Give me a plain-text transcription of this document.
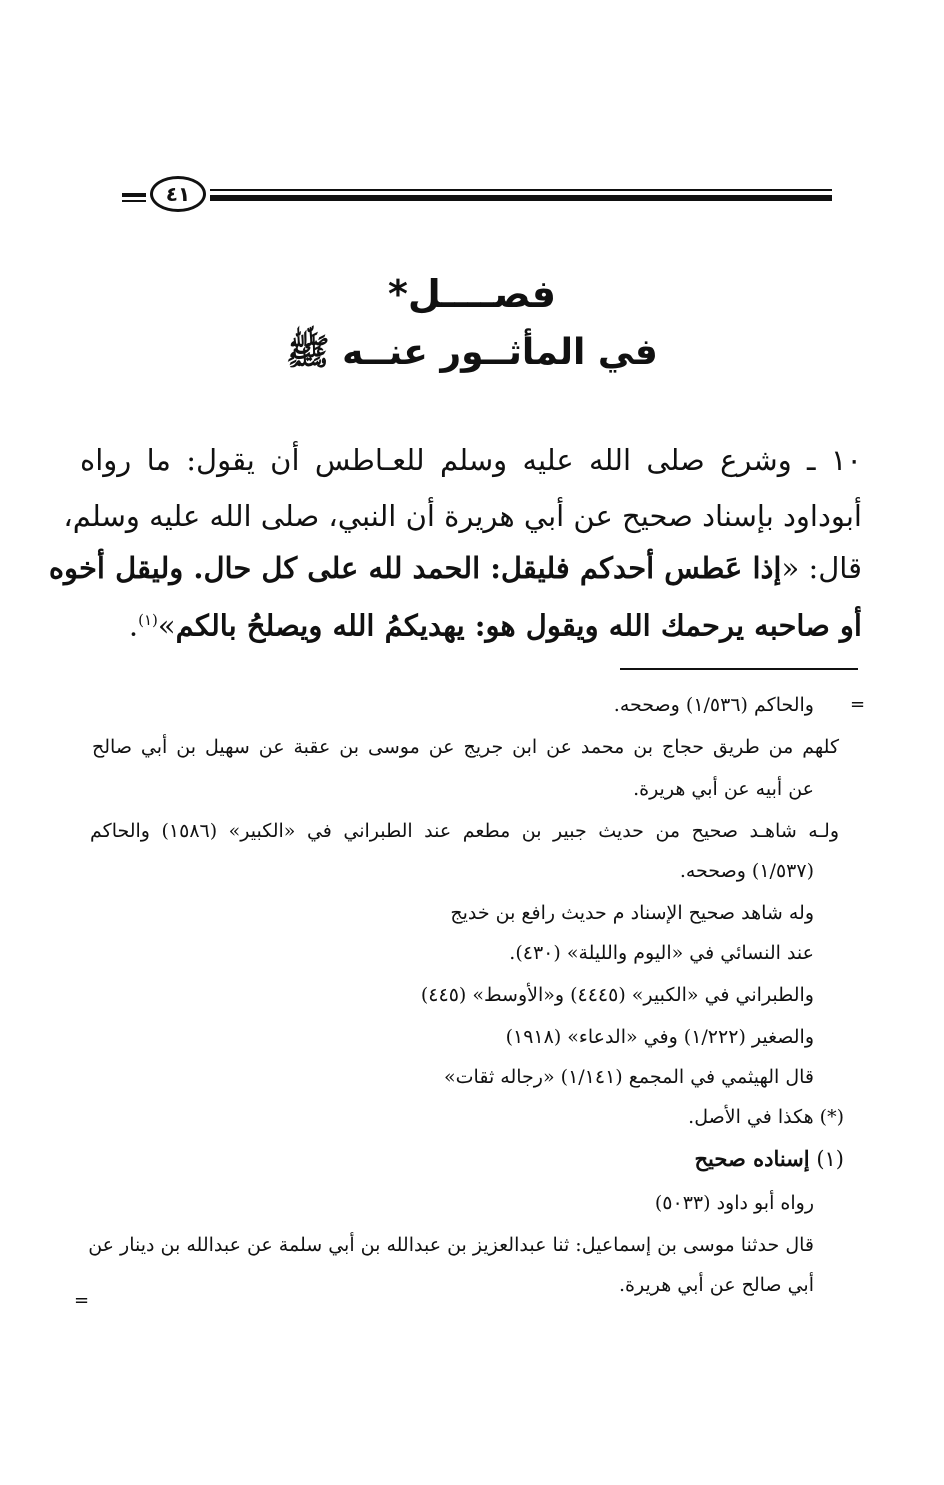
٤١
فصــــل*
في المأثــور عنــه ﷺ
١٠ ـ وشرع صلى الله عليه وسلم للعـاطس أن يقول: ما رواه
أبوداود بإسناد صحيح عن أبي هريرة أن النبي، صلى الله عليه وسلم،
قال: «إذا عَطس أحدكم فليقل: الحمد لله على كل حال. وليقل أخوه
أو صاحبه يرحمك الله ويقول هو: يهديكمُ الله ويصلحُ بالكم»$^{(١)}$.
=
والحاكم (١/٥٣٦) وصححه.
كلهم من طريق حجاج بن محمد عن ابن جريج عن موسى بن عقبة عن سهيل بن أبي صالح
عن أبيه عن أبي هريرة.
ولـه شاهـد صحيح من حديث جبير بن مطعم عند الطبراني في «الكبير» (١٥٨٦) والحاكم
(١/٥٣٧) وصححه.
وله شاهد صحيح الإسناد م حديث رافع بن خديج
عند النسائي في «اليوم والليلة» (٤٣٠).
والطبراني في «الكبير» (٤٤٤٥) و«الأوسط» (٤٤٥)
والصغير (١/٢٢٢) وفي «الدعاء» (١٩١٨)
قال الهيثمي في المجمع (١/١٤١) «رجاله ثقات»
(*) هكذا في الأصل.
(١) إسناده صحيح
رواه أبو داود (٥٠٣٣)
قال حدثنا موسى بن إسماعيل: ثنا عبدالعزيز بن عبدالله بن أبي سلمة عن عبدالله بن دينار عن
أبي صالح عن أبي هريرة.
=
